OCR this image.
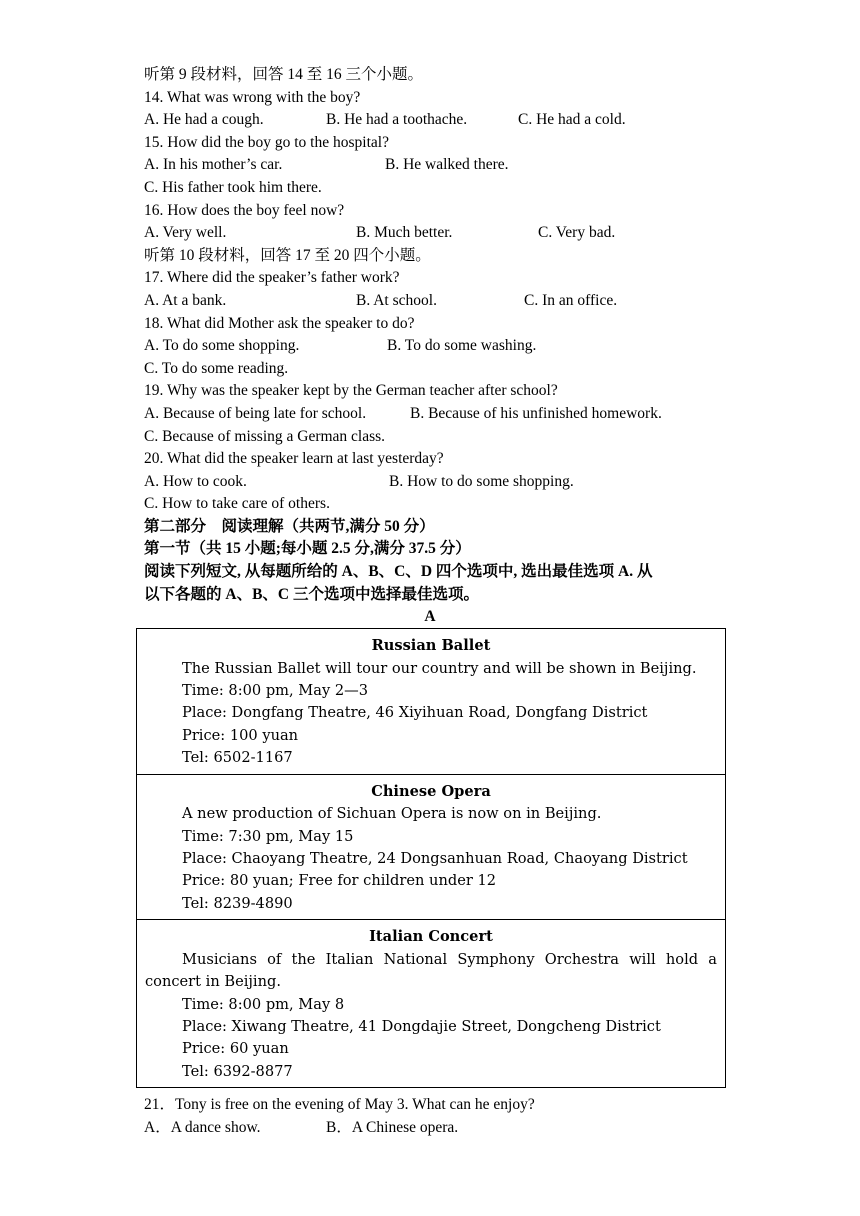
听第 9 段材料，回答 14 至 16 三个小题。
14. What was wrong with the boy?
A. He had a cough.	B. He had a toothache.	C. He had a cold.
15. How did the boy go to the hospital?
A. In his mother’s car.	B. He walked there.
C. His father took him there.
16. How does the boy feel now?
A. Very well.	B. Much better.	C. Very bad.
听第 10 段材料，回答 17 至 20 四个小题。
17. Where did the speaker’s father work?
A. At a bank.	B. At school.	C. In an office.
18. What did Mother ask the speaker to do?
A. To do some shopping.	B. To do some washing.
C. To do some reading.
19. Why was the speaker kept by the German teacher after school?
A. Because of being late for school.	B. Because of his unfinished homework.
C. Because of missing a German class.
20. What did the speaker learn at last yesterday?
A. How to cook.	B. How to do some shopping.
C. How to take care of others.
第二部分　阅读理解（共两节,满分 50 分）
第一节（共 15 小题;每小题 2.5 分,满分 37.5 分）
阅读下列短文, 从每题所给的 A、B、C、D 四个选项中, 选出最佳选项 A. 从
以下各题的 A、B、C 三个选项中选择最佳选项。
A
Russian Ballet
The Russian Ballet will tour our country and will be shown in Beijing.
Time: 8:00 pm, May 2—3
Place: Dongfang Theatre, 46 Xiyihuan Road, Dongfang District
Price: 100 yuan
Tel: 6502-1167
Chinese Opera
A new production of Sichuan Opera is now on in Beijing.
Time: 7:30 pm, May 15
Place: Chaoyang Theatre, 24 Dongsanhuan Road, Chaoyang District
Price: 80 yuan; Free for children under 12
Tel: 8239-4890
Italian Concert
Musicians of the Italian National Symphony Orchestra will hold a concert in Beijing.
Time: 8:00 pm, May 8
Place: Xiwang Theatre, 41 Dongdajie Street, Dongcheng District
Price: 60 yuan
Tel: 6392-8877
21．Tony is free on the evening of May 3. What can he enjoy?
A．A dance show.	B．A Chinese opera.
